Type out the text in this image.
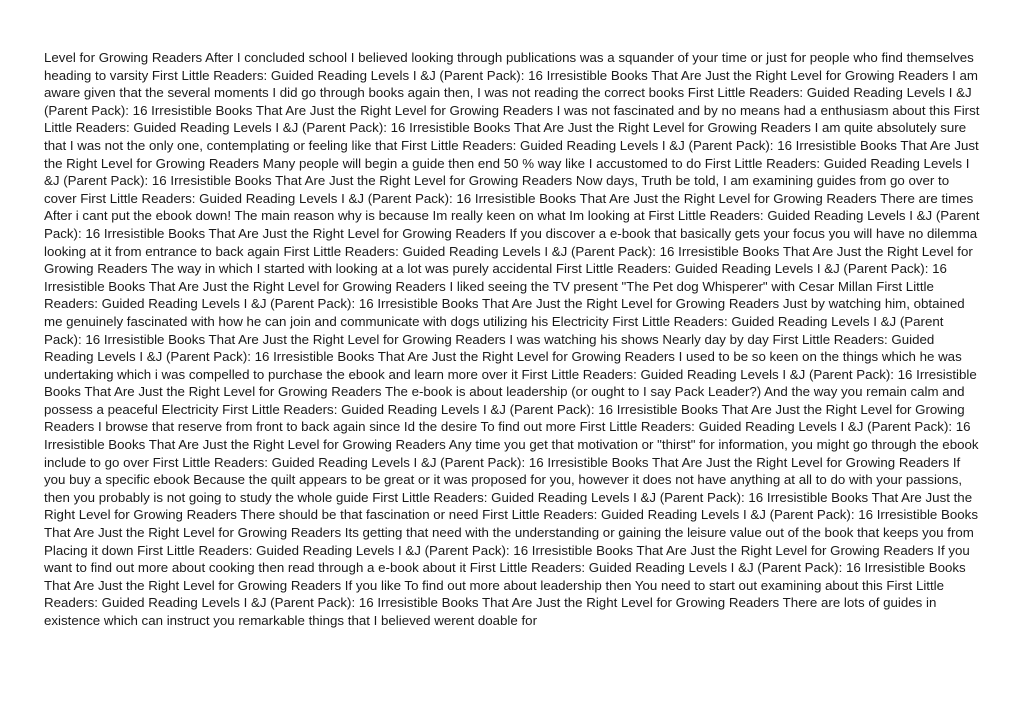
Level for Growing Readers After I concluded school I believed looking through publications was a squander of your time or just for people who find themselves heading to varsity First Little Readers: Guided Reading Levels I &J (Parent Pack): 16 Irresistible Books That Are Just the Right Level for Growing Readers I am aware given that the several moments I did go through books again then, I was not reading the correct books First Little Readers: Guided Reading Levels I &J (Parent Pack): 16 Irresistible Books That Are Just the Right Level for Growing Readers I was not fascinated and by no means had a enthusiasm about this First Little Readers: Guided Reading Levels I &J (Parent Pack): 16 Irresistible Books That Are Just the Right Level for Growing Readers I am quite absolutely sure that I was not the only one, contemplating or feeling like that First Little Readers: Guided Reading Levels I &J (Parent Pack): 16 Irresistible Books That Are Just the Right Level for Growing Readers Many people will begin a guide then end 50 % way like I accustomed to do First Little Readers: Guided Reading Levels I &J (Parent Pack): 16 Irresistible Books That Are Just the Right Level for Growing Readers Now days, Truth be told, I am examining guides from go over to cover First Little Readers: Guided Reading Levels I &J (Parent Pack): 16 Irresistible Books That Are Just the Right Level for Growing Readers There are times After i cant put the ebook down! The main reason why is because Im really keen on what Im looking at First Little Readers: Guided Reading Levels I &J (Parent Pack): 16 Irresistible Books That Are Just the Right Level for Growing Readers If you discover a e-book that basically gets your focus you will have no dilemma looking at it from entrance to back again First Little Readers: Guided Reading Levels I &J (Parent Pack): 16 Irresistible Books That Are Just the Right Level for Growing Readers The way in which I started with looking at a lot was purely accidental First Little Readers: Guided Reading Levels I &J (Parent Pack): 16 Irresistible Books That Are Just the Right Level for Growing Readers I liked seeing the TV present "The Pet dog Whisperer" with Cesar Millan First Little Readers: Guided Reading Levels I &J (Parent Pack): 16 Irresistible Books That Are Just the Right Level for Growing Readers Just by watching him, obtained me genuinely fascinated with how he can join and communicate with dogs utilizing his Electricity First Little Readers: Guided Reading Levels I &J (Parent Pack): 16 Irresistible Books That Are Just the Right Level for Growing Readers I was watching his shows Nearly day by day First Little Readers: Guided Reading Levels I &J (Parent Pack): 16 Irresistible Books That Are Just the Right Level for Growing Readers I used to be so keen on the things which he was undertaking which i was compelled to purchase the ebook and learn more over it First Little Readers: Guided Reading Levels I &J (Parent Pack): 16 Irresistible Books That Are Just the Right Level for Growing Readers The e-book is about leadership (or ought to I say Pack Leader?) And the way you remain calm and possess a peaceful Electricity First Little Readers: Guided Reading Levels I &J (Parent Pack): 16 Irresistible Books That Are Just the Right Level for Growing Readers I browse that reserve from front to back again since Id the desire To find out more First Little Readers: Guided Reading Levels I &J (Parent Pack): 16 Irresistible Books That Are Just the Right Level for Growing Readers Any time you get that motivation or "thirst" for information, you might go through the ebook include to go over First Little Readers: Guided Reading Levels I &J (Parent Pack): 16 Irresistible Books That Are Just the Right Level for Growing Readers If you buy a specific ebook Because the quilt appears to be great or it was proposed for you, however it does not have anything at all to do with your passions, then you probably is not going to study the whole guide First Little Readers: Guided Reading Levels I &J (Parent Pack): 16 Irresistible Books That Are Just the Right Level for Growing Readers There should be that fascination or need First Little Readers: Guided Reading Levels I &J (Parent Pack): 16 Irresistible Books That Are Just the Right Level for Growing Readers Its getting that need with the understanding or gaining the leisure value out of the book that keeps you from Placing it down First Little Readers: Guided Reading Levels I &J (Parent Pack): 16 Irresistible Books That Are Just the Right Level for Growing Readers If you want to find out more about cooking then read through a e-book about it First Little Readers: Guided Reading Levels I &J (Parent Pack): 16 Irresistible Books That Are Just the Right Level for Growing Readers If you like To find out more about leadership then You need to start out examining about this First Little Readers: Guided Reading Levels I &J (Parent Pack): 16 Irresistible Books That Are Just the Right Level for Growing Readers There are lots of guides in existence which can instruct you remarkable things that I believed werent doable for
